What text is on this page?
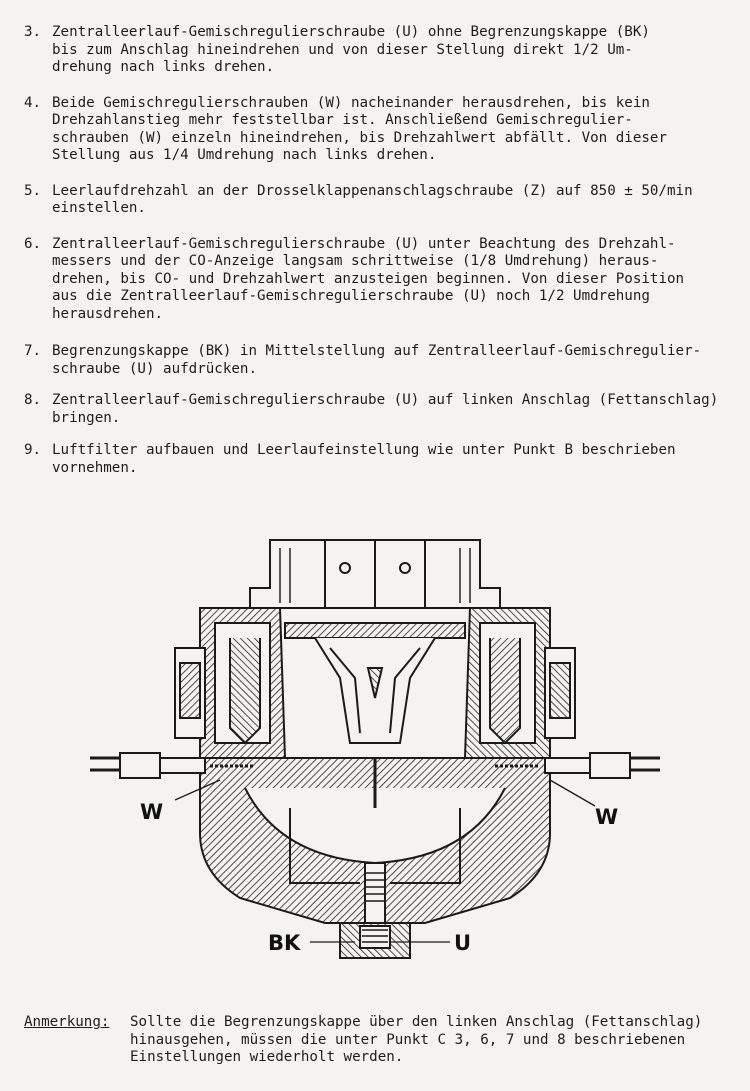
3. Zentralleerlauf-Gemischregulierschraube (U) ohne Begrenzungskappe (BK)
bis zum Anschlag hineindrehen und von dieser Stellung direkt 1/2 Um-
drehung nach links drehen.
4. Beide Gemischregulierschrauben (W) nacheinander herausdrehen, bis kein
Drehzahlanstieg mehr feststellbar ist. Anschließend Gemischregulier-
schrauben (W) einzeln hineindrehen, bis Drehzahlwert abfällt. Von dieser
Stellung aus 1/4 Umdrehung nach links drehen.
5. Leerlaufdrehzahl an der Drosselklappenanschlagschraube (Z) auf 850 ± 50/min
einstellen.
6. Zentralleerlauf-Gemischregulierschraube (U) unter Beachtung des Drehzahl-
messers und der CO-Anzeige langsam schrittweise (1/8 Umdrehung) heraus-
drehen, bis CO- und Drehzahlwert anzusteigen beginnen. Von dieser Position
aus die Zentralleerlauf-Gemischregulierschraube (U) noch 1/2 Umdrehung
herausdrehen.
7. Begrenzungskappe (BK) in Mittelstellung auf Zentralleerlauf-Gemischregulier-
schraube (U) aufdrücken.
8. Zentralleerlauf-Gemischregulierschraube (U) auf linken Anschlag (Fettanschlag)
bringen.
9. Luftfilter aufbauen und Leerlaufeinstellung wie unter Punkt B beschrieben
vornehmen.
W	W
BK	U
Anmerkung:	Sollte die Begrenzungskappe über den linken Anschlag (Fettanschlag)
hinausgehen, müssen die unter Punkt C 3, 6, 7 und 8 beschriebenen
Einstellungen wiederholt werden.
